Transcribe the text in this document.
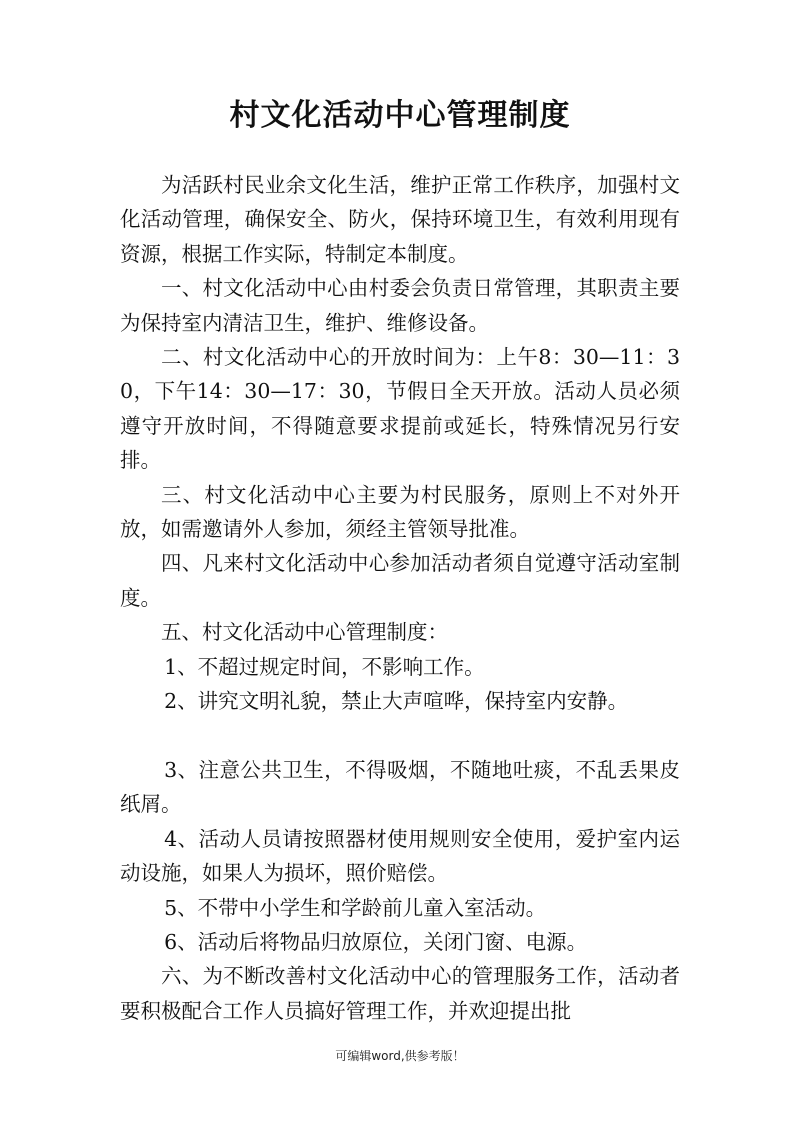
村文化活动中心管理制度

为活跃村民业余文化生活，维护正常工作秩序，加强村文化活动管理，确保安全、防火，保持环境卫生，有效利用现有资源，根据工作实际，特制定本制度。

一、村文化活动中心由村委会负责日常管理，其职责主要为保持室内清洁卫生，维护、维修设备。

二、村文化活动中心的开放时间为：上午8：30—11：30，下午14：30—17：30，节假日全天开放。活动人员必须遵守开放时间，不得随意要求提前或延长，特殊情况另行安排。

三、村文化活动中心主要为村民服务，原则上不对外开放，如需邀请外人参加，须经主管领导批准。

四、凡来村文化活动中心参加活动者须自觉遵守活动室制度。

五、村文化活动中心管理制度：

1、不超过规定时间，不影响工作。

2、讲究文明礼貌，禁止大声喧哗，保持室内安静。

3、注意公共卫生，不得吸烟，不随地吐痰，不乱丢果皮纸屑。

4、活动人员请按照器材使用规则安全使用，爱护室内运动设施，如果人为损坏，照价赔偿。

5、不带中小学生和学龄前儿童入室活动。

6、活动后将物品归放原位，关闭门窗、电源。

六、为不断改善村文化活动中心的管理服务工作，活动者要积极配合工作人员搞好管理工作，并欢迎提出批

可编辑word,供参考版！
